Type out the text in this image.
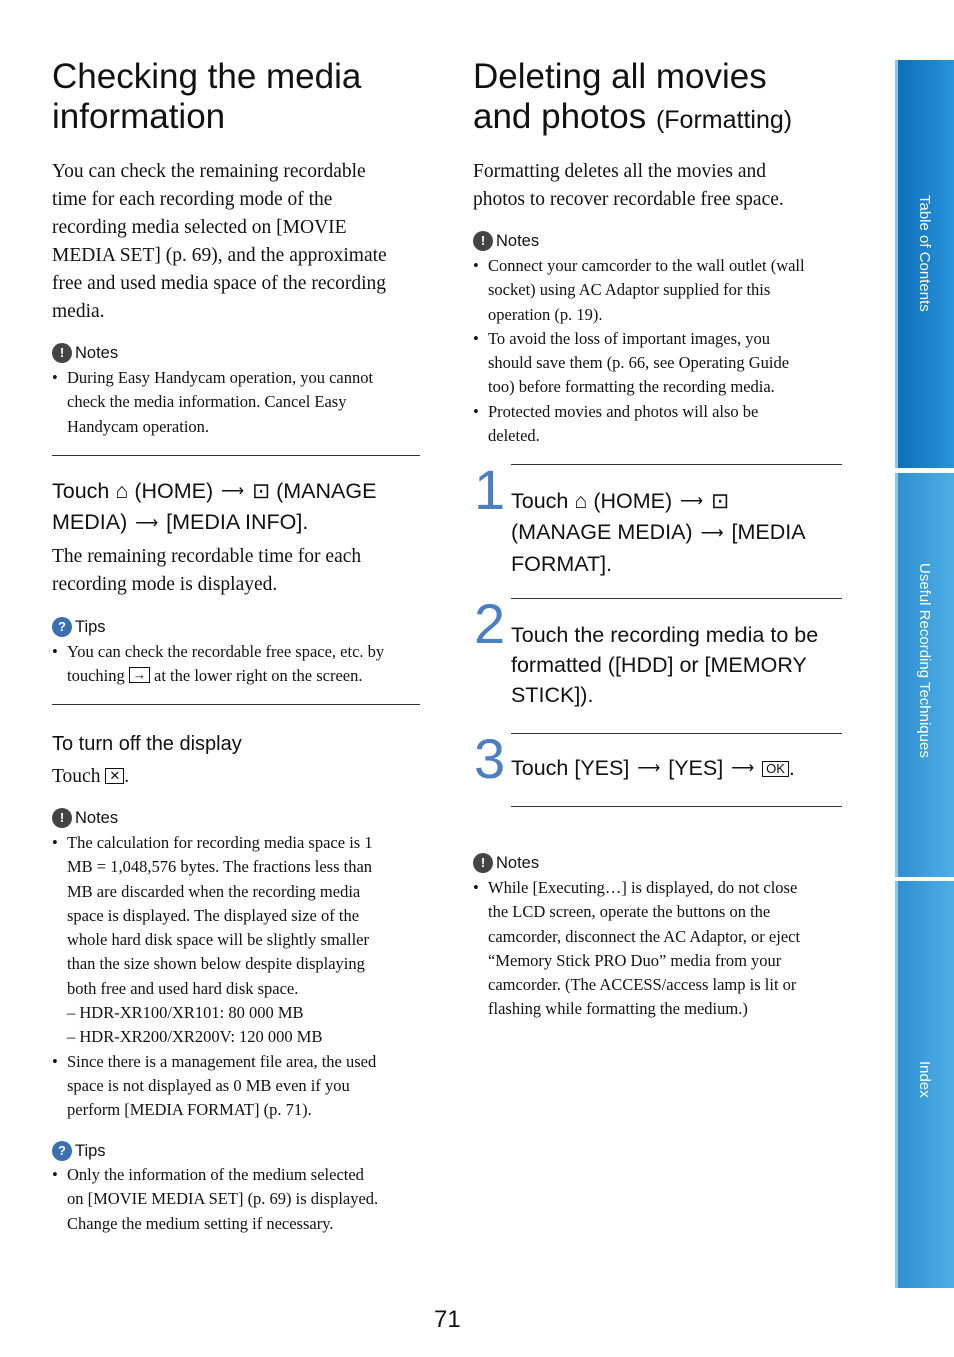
Checking the media
information
You can check the remaining recordable
time for each recording mode of the
recording media selected on [MOVIE
MEDIA SET] (p. 69), and the approximate
free and used media space of the recording
media.
! Notes
• During Easy Handycam operation, you cannot
check the media information. Cancel Easy
Handycam operation.
Touch ⌂ (HOME) ⟶ ⊡ (MANAGE
MEDIA) ⟶ [MEDIA INFO].
The remaining recordable time for each
recording mode is displayed.
? Tips
• You can check the recordable free space, etc. by
touching → at the lower right on the screen.
To turn off the display
Touch ✕ .
! Notes
• The calculation for recording media space is 1
MB = 1,048,576 bytes. The fractions less than
MB are discarded when the recording media
space is displayed. The displayed size of the
whole hard disk space will be slightly smaller
than the size shown below despite displaying
both free and used hard disk space.
– HDR-XR100/XR101: 80 000 MB
– HDR-XR200/XR200V: 120 000 MB
• Since there is a management file area, the used
space is not displayed as 0 MB even if you
perform [MEDIA FORMAT] (p. 71).
? Tips
• Only the information of the medium selected
on [MOVIE MEDIA SET] (p. 69) is displayed.
Change the medium setting if necessary.
Deleting all movies
and photos (Formatting)
Formatting deletes all the movies and
photos to recover recordable free space.
! Notes
• Connect your camcorder to the wall outlet (wall
socket) using AC Adaptor supplied for this
operation (p. 19).
• To avoid the loss of important images, you
should save them (p. 66, see Operating Guide
too) before formatting the recording media.
• Protected movies and photos will also be
deleted.
1 Touch ⌂ (HOME) ⟶ ⊡
(MANAGE MEDIA) ⟶ [MEDIA
FORMAT].
2 Touch the recording media to be
formatted ([HDD] or [MEMORY
STICK]).
3 Touch [YES] ⟶ [YES] ⟶ OK .
! Notes
• While [Executing…] is displayed, do not close
the LCD screen, operate the buttons on the
camcorder, disconnect the AC Adaptor, or eject
“Memory Stick PRO Duo” media from your
camcorder. (The ACCESS/access lamp is lit or
flashing while formatting the medium.)
Table of Contents
Useful Recording Techniques
Index
71
